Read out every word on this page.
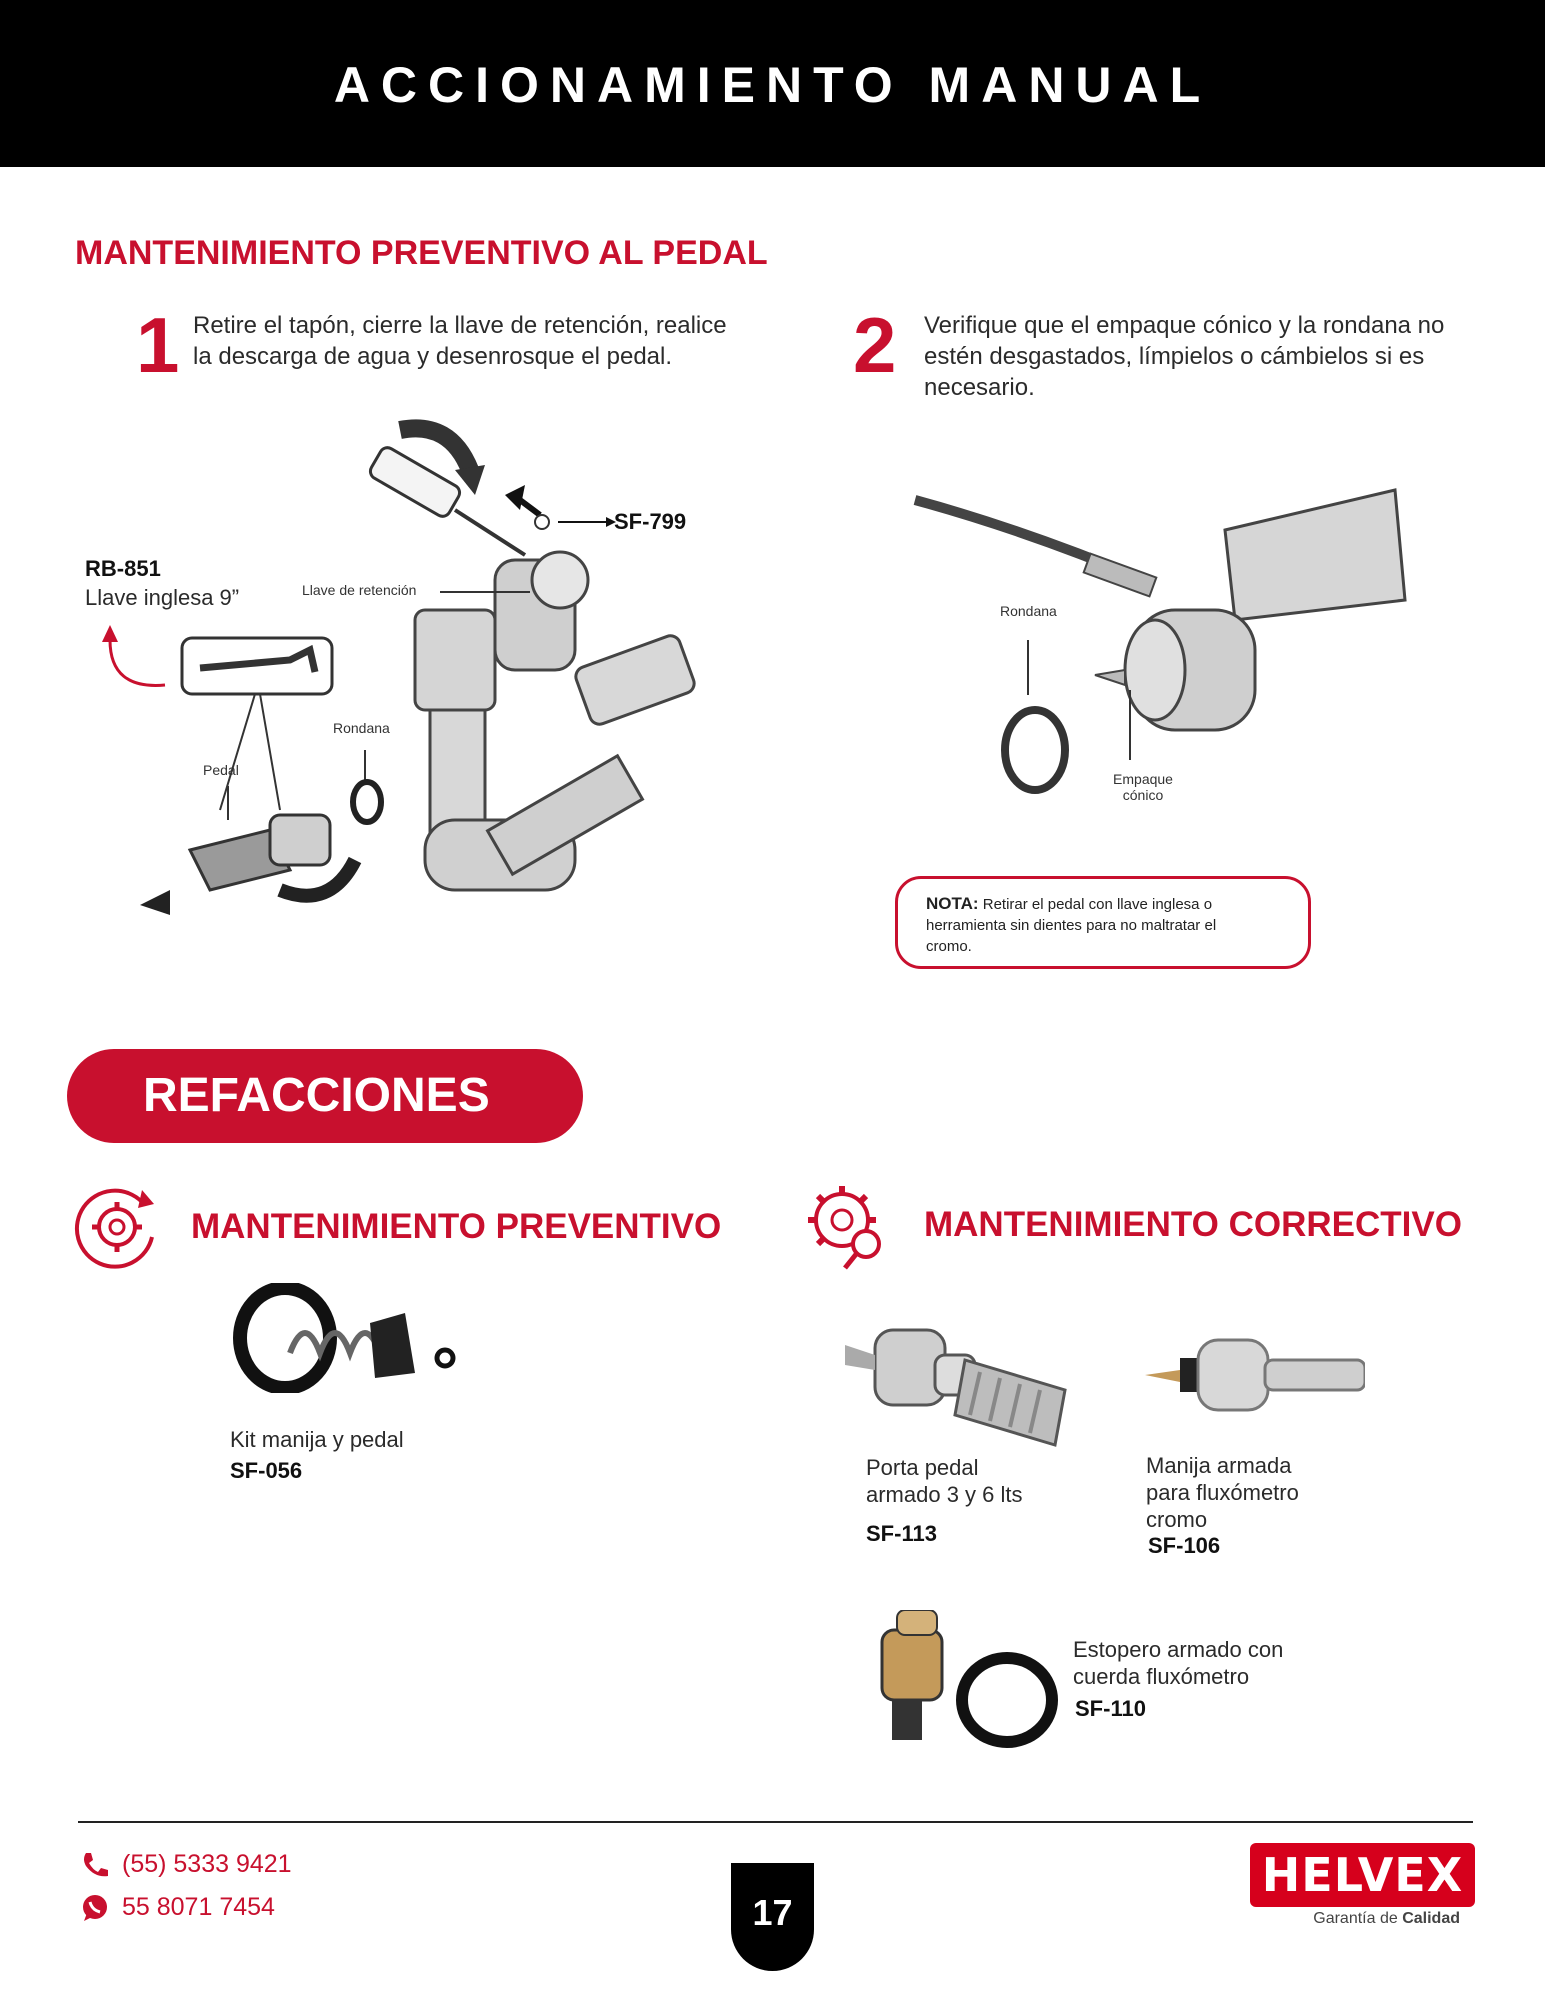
ACCIONAMIENTO MANUAL
MANTENIMIENTO PREVENTIVO AL PEDAL
1 Retire el tapón, cierre la llave de retención, realice
la descarga de agua y desenrosque el pedal.	2 Verifique que el empaque cónico y la rondana no
estén desgastados, límpielos o cámbielos si es
necesario.
RB-851
Llave inglesa 9”	Llave de retención
Rondana
Pedal
SF-799
Rondana
Empaque
cónico
NOTA: Retirar el pedal con llave inglesa o
herramienta sin dientes para no maltratar el
cromo.
REFACCIONES
MANTENIMIENTO PREVENTIVO	MANTENIMIENTO CORRECTIVO
Kit manija y pedal
SF-056	Porta pedal
armado 3 y 6 lts
SF-113
Manija armada
para fluxómetro
cromo
SF-106
Estopero armado con
cuerda fluxómetro
SF-110
(55) 5333 9421
55 8071 7454	17
HELVEX
Garantía de Calidad
